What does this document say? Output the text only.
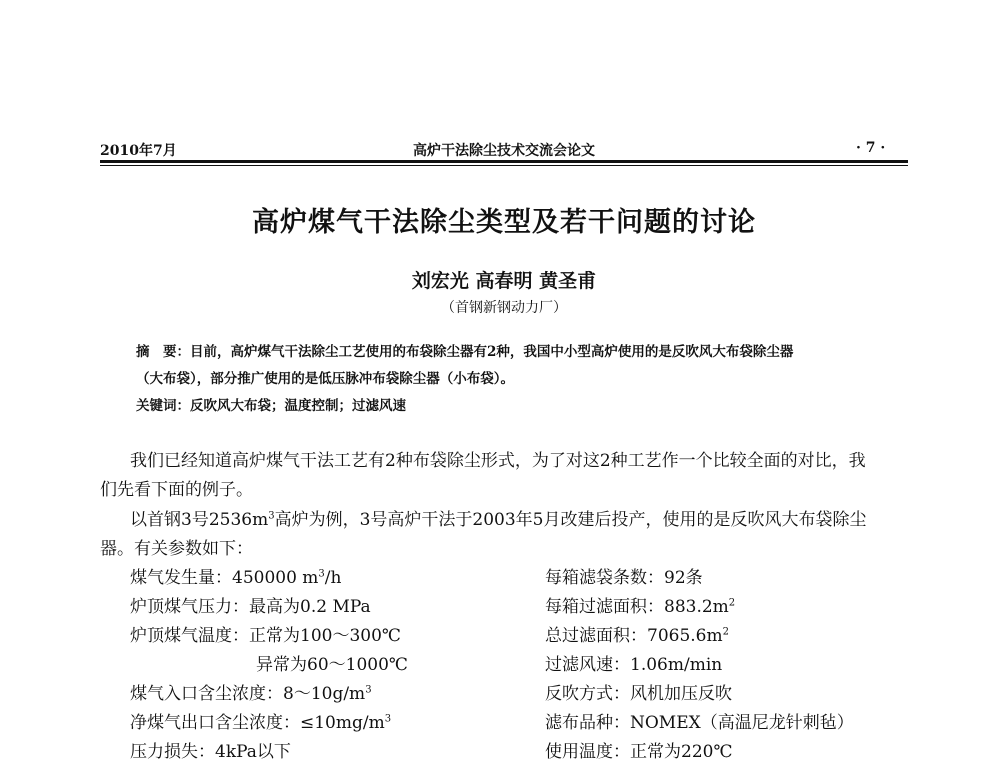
2010年7月	高炉干法除尘技术交流会论文	· 7 ·
高炉煤气干法除尘类型及若干问题的讨论
刘宏光 高春明 黄圣甫
（首钢新钢动力厂）
摘　要：目前，高炉煤气干法除尘工艺使用的布袋除尘器有2种，我国中小型高炉使用的是反吹风大布袋除尘器
（大布袋），部分推广使用的是低压脉冲布袋除尘器（小布袋）。
关键词：反吹风大布袋；温度控制；过滤风速
我们已经知道高炉煤气干法工艺有2种布袋除尘形式，为了对这2种工艺作一个比较全面的对比，我
们先看下面的例子。
以首钢3号$2536m^3$高炉为例，3号高炉干法于2003年5月改建后投产，使用的是反吹风大布袋除尘
器。有关参数如下：
煤气发生量：450000 $m^3/h$
炉顶煤气压力：最高为0.2 MPa
炉顶煤气温度：正常为100～300℃
异常为60～1000℃
煤气入口含尘浓度：$8\sim 10g/m^3$
净煤气出口含尘浓度：$\le 10mg/m^3$
压力损失：4kPa以下
每箱滤袋条数：92条
每箱过滤面积：$883.2m^2$
总过滤面积：$7065.6m^2$
过滤风速：1.06m/min
反吹方式：风机加压反吹
滤布品种：NOMEX（高温尼龙针刺毡）
使用温度：正常为220℃
